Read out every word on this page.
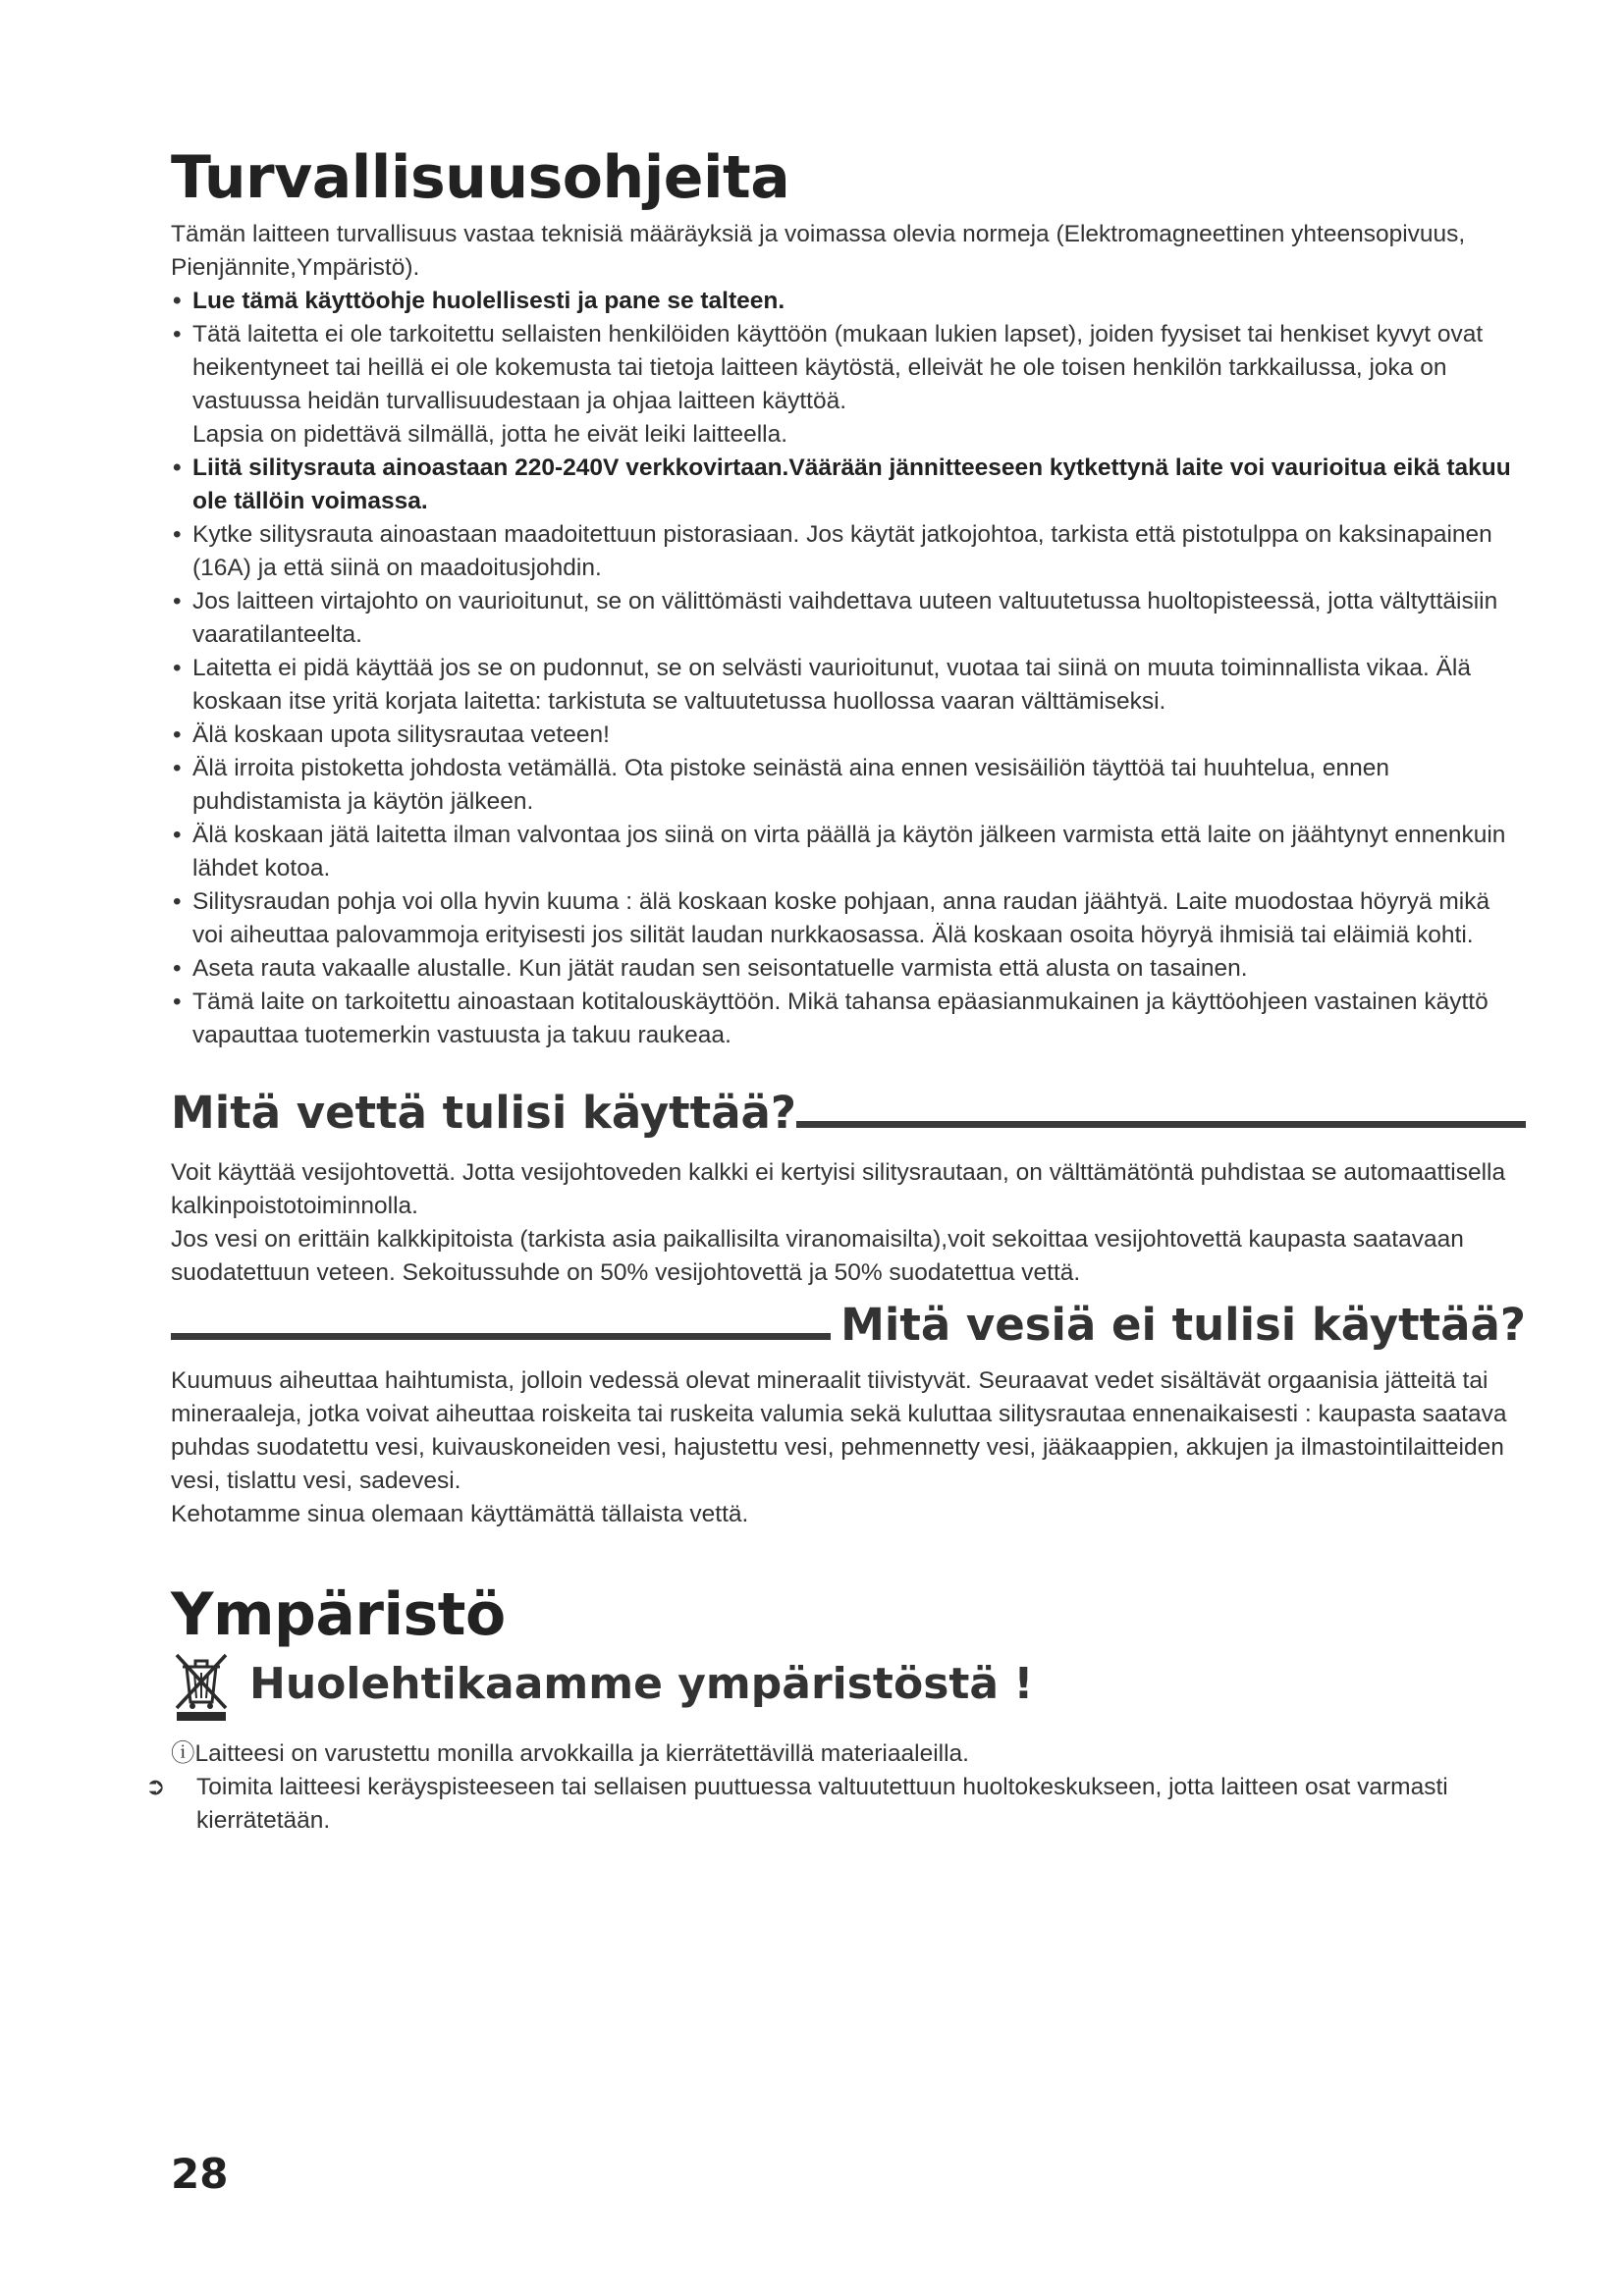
Turvallisuusohjeita

Tämän laitteen turvallisuus vastaa teknisiä määräyksiä ja voimassa olevia normeja (Elektromagneettinen yhteensopivuus, Pienjännite,Ympäristö).

• Lue tämä käyttöohje huolellisesti ja pane se talteen.
• Tätä laitetta ei ole tarkoitettu sellaisten henkilöiden käyttöön (mukaan lukien lapset), joiden fyysiset tai henkiset kyvyt ovat heikentyneet tai heillä ei ole kokemusta tai tietoja laitteen käytöstä, elleivät he ole toisen henkilön tarkkailussa, joka on vastuussa heidän turvallisuudestaan ja ohjaa laitteen käyttöä.
Lapsia on pidettävä silmällä, jotta he eivät leiki laitteella.
• Liitä silitysrauta ainoastaan 220-240V verkkovirtaan.Väärään jännitteeseen kytkettynä laite voi vaurioitua eikä takuu ole tällöin voimassa.
• Kytke silitysrauta ainoastaan maadoitettuun pistorasiaan. Jos käytät jatkojohtoa, tarkista että pistotulppa on kaksinapainen (16A) ja että siinä on maadoitusjohdin.
• Jos laitteen virtajohto on vaurioitunut, se on välittömästi vaihdettava uuteen valtuutetussa huoltopisteessä, jotta vältyttäisiin vaaratilanteelta.
• Laitetta ei pidä käyttää jos se on pudonnut, se on selvästi vaurioitunut, vuotaa tai siinä on muuta toiminnallista vikaa. Älä koskaan itse yritä korjata laitetta: tarkistuta se valtuutetussa huollossa vaaran välttämiseksi.
• Älä koskaan upota silitysrautaa veteen!
• Älä irroita pistoketta johdosta vetämällä. Ota pistoke seinästä aina ennen vesisäiliön täyttöä tai huuhtelua, ennen puhdistamista ja käytön jälkeen.
• Älä koskaan jätä laitetta ilman valvontaa jos siinä on virta päällä ja käytön jälkeen varmista että laite on jäähtynyt ennenkuin lähdet kotoa.
• Silitysraudan pohja voi olla hyvin kuuma : älä koskaan koske pohjaan, anna raudan jäähtyä. Laite muodostaa höyryä mikä voi aiheuttaa palovammoja erityisesti jos silität laudan nurkkaosassa. Älä koskaan osoita höyryä ihmisiä tai eläimiä kohti.
• Aseta rauta vakaalle alustalle. Kun jätät raudan sen seisontatuelle varmista että alusta on tasainen.
• Tämä laite on tarkoitettu ainoastaan kotitalouskäyttöön. Mikä tahansa epäasianmukainen ja käyttöohjeen vastainen käyttö vapauttaa tuotemerkin vastuusta ja takuu raukeaa.
Mitä vettä tulisi käyttää?

Voit käyttää vesijohtovettä. Jotta vesijohtoveden kalkki ei kertyisi silitysrautaan, on välttämätöntä puhdistaa se automaattisella kalkinpoistotoiminnolla.

Jos vesi on erittäin kalkkipitoista (tarkista asia paikallisilta viranomaisilta),voit sekoittaa vesijohtovettä kaupasta saatavaan

suodatettuun veteen. Sekoitussuhde on 50% vesijohtovettä ja 50% suodatettua vettä.

Mitä vesiä ei tulisi käyttää?

Kuumuus aiheuttaa haihtumista, jolloin vedessä olevat mineraalit tiivistyvät. Seuraavat vedet sisältävät orgaanisia jätteitä tai mineraaleja, jotka voivat aiheuttaa roiskeita tai ruskeita valumia sekä kuluttaa silitysrautaa ennenaikaisesti : kaupasta saatava puhdas suodatettu vesi, kuivauskoneiden vesi, hajustettu vesi, pehmennetty vesi, jääkaappien, akkujen ja ilmastointilaitteiden vesi, tislattu vesi, sadevesi.

Kehotamme sinua olemaan käyttämättä tällaista vettä.

Ympäristö
Huolehtikaamme ympäristöstä !

ⓘLaitteesi on varustettu monilla arvokkailla ja kierrätettävillä materiaaleilla.

➲ Toimita laitteesi keräyspisteeseen tai sellaisen puuttuessa valtuutettuun huoltokeskukseen, jotta laitteen osat varmasti kierrätetään.

28
